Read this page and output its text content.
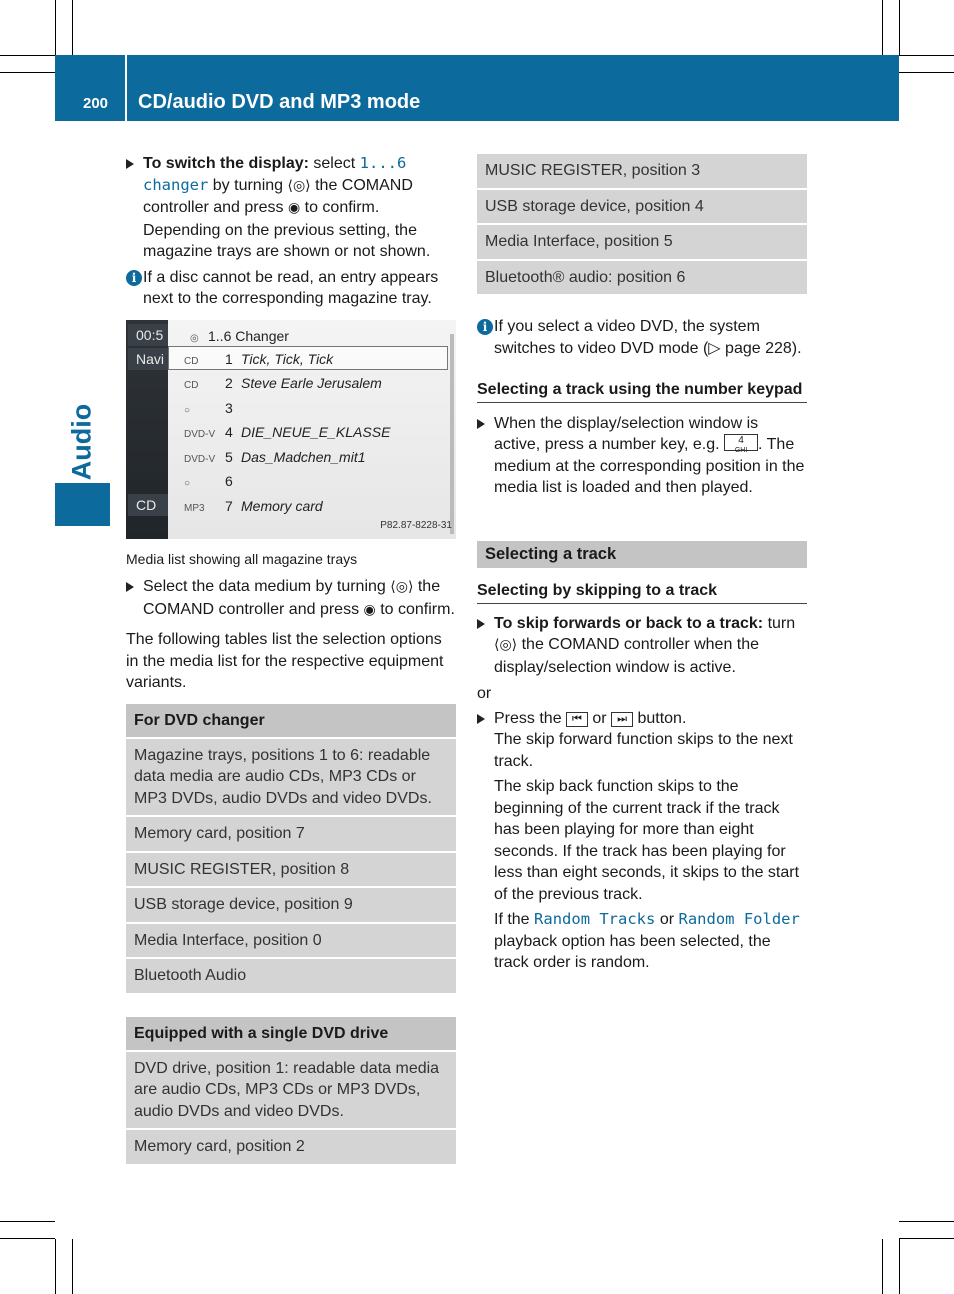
200 CD/audio DVD and MP3 mode
Audio
To switch the display: select 1...6 changer by turning ⟨◎⟩ the COMAND controller and press ◉ to confirm. Depending on the previous setting, the magazine trays are shown or not shown.
i If a disc cannot be read, an entry appears next to the corresponding magazine tray.
00:5
Navi
CD
◎ 1..6 Changer
CD 1 Tick, Tick, Tick
CD 2 Steve Earle Jerusalem
○ 3
DVD-V 4 DIE_NEUE_E_KLASSE
DVD-V 5 Das_Madchen_mit1
○ 6
MP3 7 Memory card
P82.87-8228-31
Media list showing all magazine trays
Select the data medium by turning ⟨◎⟩ the COMAND controller and press ◉ to confirm.

The following tables list the selection options in the media list for the respective equipment variants.

For DVD changer
Magazine trays, positions 1 to 6: readable data media are audio CDs, MP3 CDs or MP3 DVDs, audio DVDs and video DVDs.
Memory card, position 7
MUSIC REGISTER, position 8
USB storage device, position 9
Media Interface, position 0
Bluetooth Audio
Equipped with a single DVD drive
DVD drive, position 1: readable data media are audio CDs, MP3 CDs or MP3 DVDs, audio DVDs and video DVDs.
Memory card, position 2
MUSIC REGISTER, position 3
USB storage device, position 4
Media Interface, position 5
Bluetooth® audio: position 6
i If you select a video DVD, the system switches to video DVD mode (▷ page 228).
Selecting a track using the number keypad
When the display/selection window is active, press a number key, e.g. 4
GHI . The medium at the corresponding position in the media list is loaded and then played.
Selecting a track
Selecting by skipping to a track
To skip forwards or back to a track: turn ⟨◎⟩ the COMAND controller when the display/selection window is active.
or
Press the ⏮ or ⏭ button.
The skip forward function skips to the next track.
The skip back function skips to the beginning of the current track if the track has been playing for more than eight seconds. If the track has been playing for less than eight seconds, it skips to the start of the previous track.
If the Random Tracks or Random Folder playback option has been selected, the track order is random.
